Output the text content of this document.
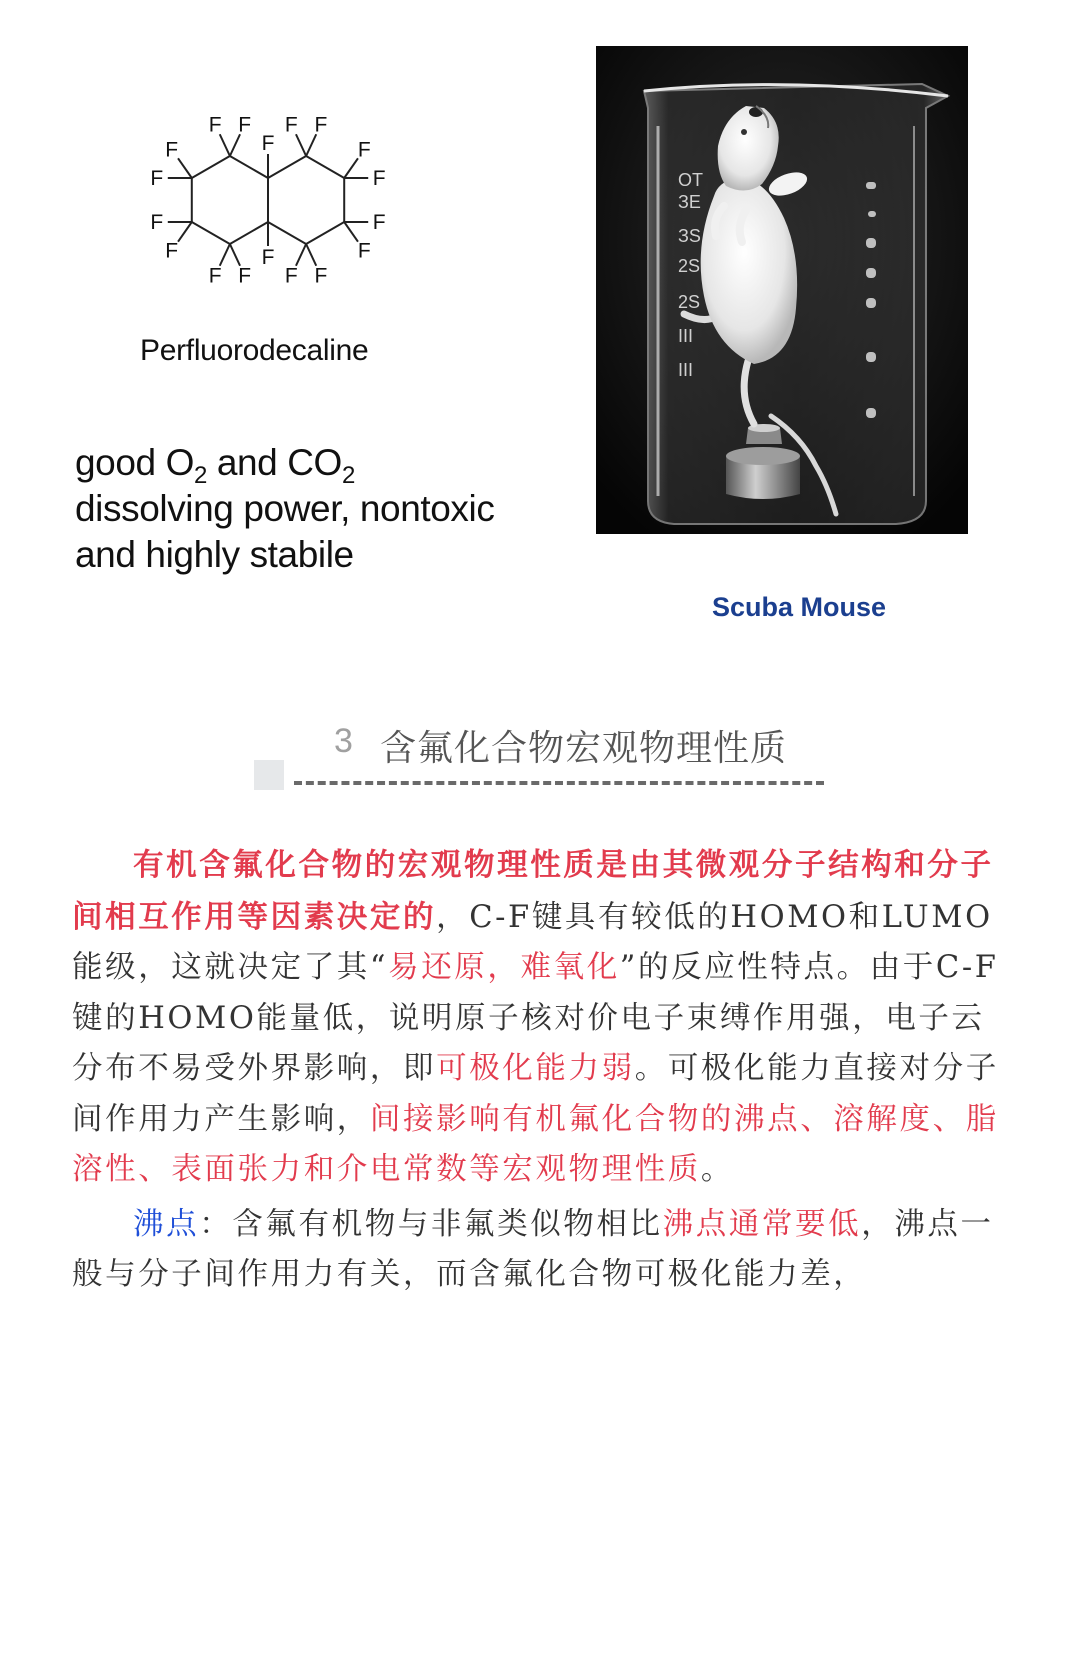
F F F F
F F F F
F
F
F
F
F
F
F
F
F
F
Perfluorodecaline
good $O_2$ and $CO_2$
dissolving power, nontoxic
and highly stabile
OT
ЗЕ
ЗS
2S
2S
III
III
Scuba Mouse
3 含氟化合物宏观物理性质

有机含氟化合物的宏观物理性质是由其微观分子结构和分子间相互作用等因素决定的，C-F键具有较低的HOMO和LUMO能级，这就决定了其“易还原，难氧化”的反应性特点。由于C-F键的HOMO能量低，说明原子核对价电子束缚作用强，电子云分布不易受外界影响，即可极化能力弱。可极化能力直接对分子间作用力产生影响，间接影响有机氟化合物的沸点、溶解度、脂溶性、表面张力和介电常数等宏观物理性质。

沸点：含氟有机物与非氟类似物相比沸点通常要低，沸点一般与分子间作用力有关，而含氟化合物可极化能力差，
